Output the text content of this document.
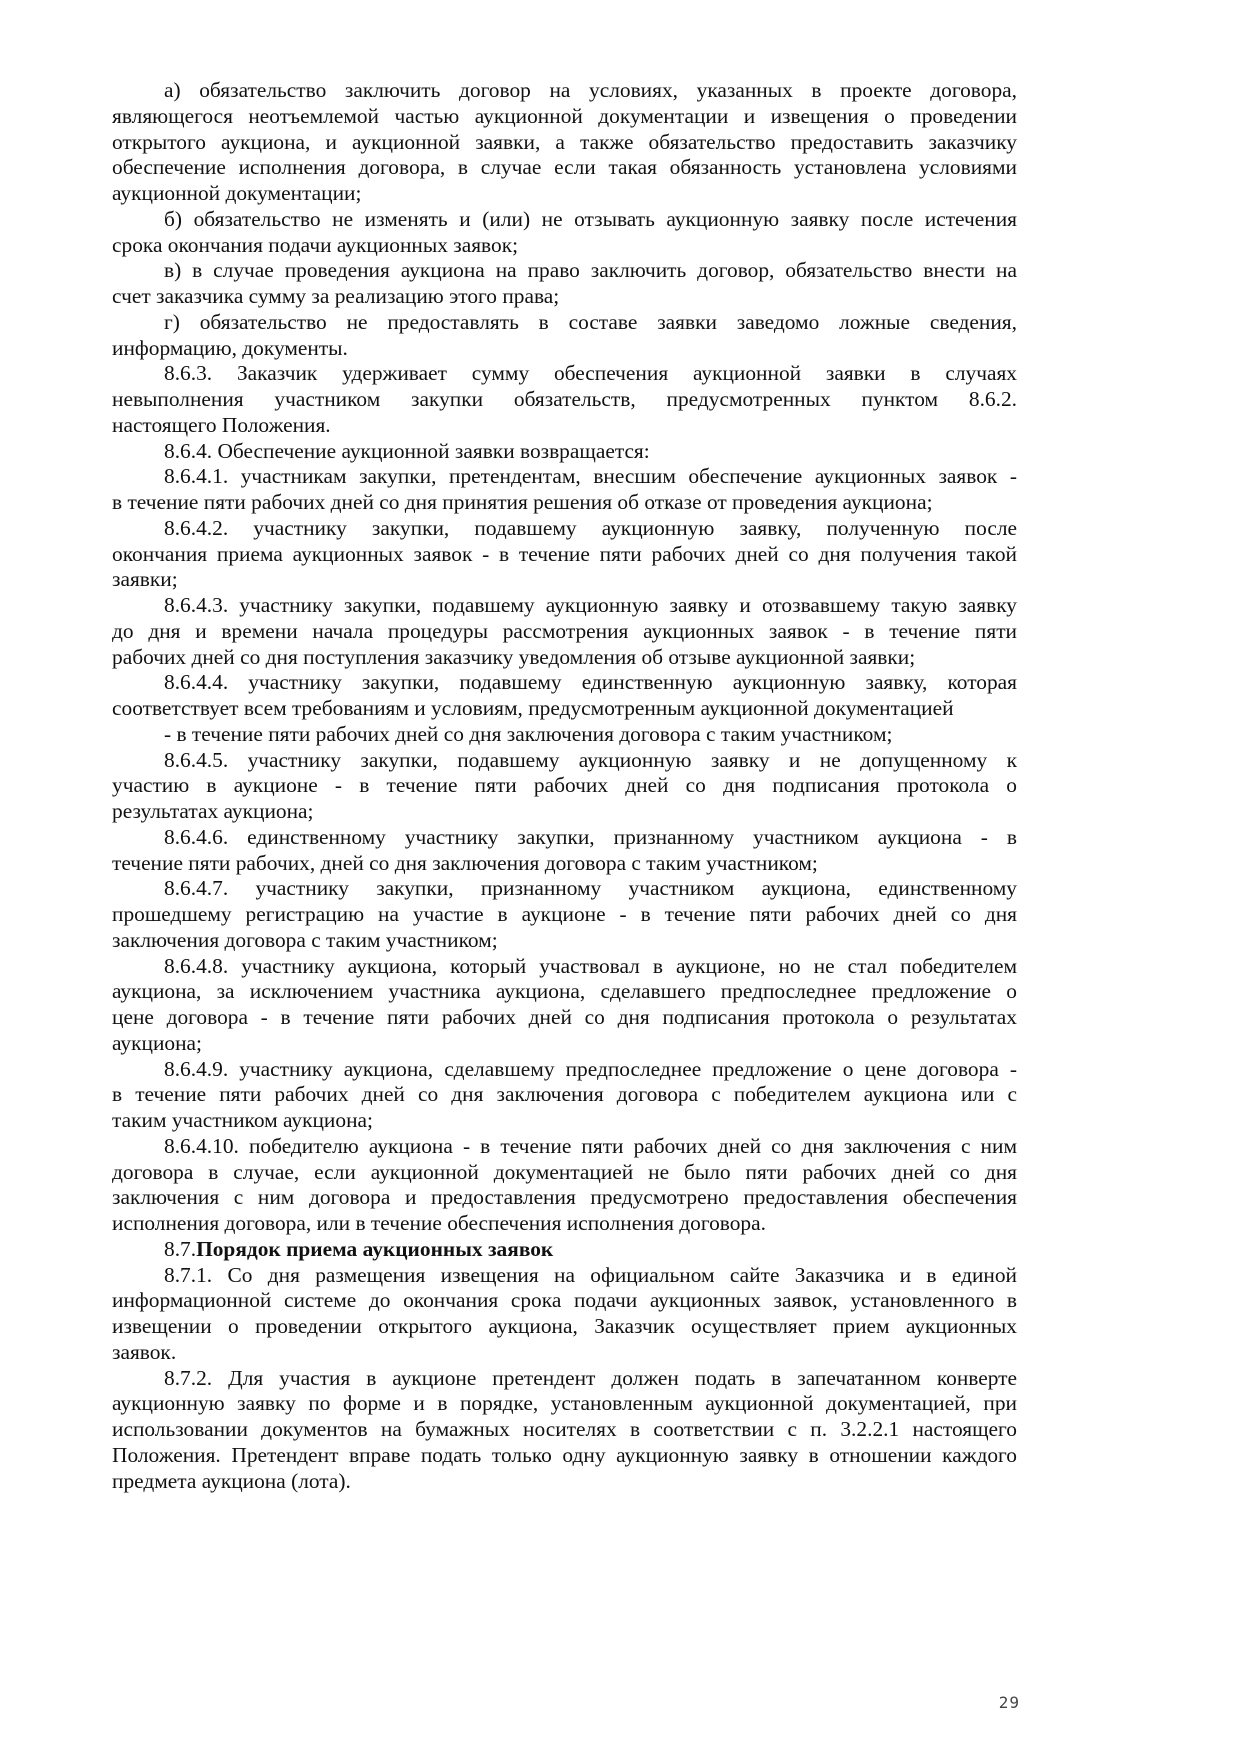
а) обязательство заключить договор на условиях, указанных в проекте договора,
являющегося неотъемлемой частью аукционной документации и извещения о проведении
открытого аукциона, и аукционной заявки, а также обязательство предоставить заказчику
обеспечение исполнения договора, в случае если такая обязанность установлена условиями
аукционной документации;
б) обязательство не изменять и (или) не отзывать аукционную заявку после истечения
срока окончания подачи аукционных заявок;
в) в случае проведения аукциона на право заключить договор, обязательство внести на
счет заказчика сумму за реализацию этого права;
г) обязательство не предоставлять в составе заявки заведомо ложные сведения,
информацию, документы.
8.6.3. Заказчик удерживает сумму обеспечения аукционной заявки в случаях
невыполнения участником закупки обязательств, предусмотренных пунктом 8.6.2.
настоящего Положения.
8.6.4. Обеспечение аукционной заявки возвращается:
8.6.4.1. участникам закупки, претендентам, внесшим обеспечение аукционных заявок -
в течение пяти рабочих дней со дня принятия решения об отказе от проведения аукциона;
8.6.4.2. участнику закупки, подавшему аукционную заявку, полученную после
окончания приема аукционных заявок - в течение пяти рабочих дней со дня получения такой
заявки;
8.6.4.3. участнику закупки, подавшему аукционную заявку и отозвавшему такую заявку
до дня и времени начала процедуры рассмотрения аукционных заявок - в течение пяти
рабочих дней со дня поступления заказчику уведомления об отзыве аукционной заявки;
8.6.4.4. участнику закупки, подавшему единственную аукционную заявку, которая
соответствует всем требованиям и условиям, предусмотренным аукционной документацией
- в течение пяти рабочих дней со дня заключения договора с таким участником;
8.6.4.5. участнику закупки, подавшему аукционную заявку и не допущенному к
участию в аукционе - в течение пяти рабочих дней со дня подписания протокола о
результатах аукциона;
8.6.4.6. единственному участнику закупки, признанному участником аукциона - в
течение пяти рабочих, дней со дня заключения договора с таким участником;
8.6.4.7. участнику закупки, признанному участником аукциона, единственному
прошедшему регистрацию на участие в аукционе - в течение пяти рабочих дней со дня
заключения договора с таким участником;
8.6.4.8. участнику аукциона, который участвовал в аукционе, но не стал победителем
аукциона, за исключением участника аукциона, сделавшего предпоследнее предложение о
цене договора - в течение пяти рабочих дней со дня подписания протокола о результатах
аукциона;
8.6.4.9. участнику аукциона, сделавшему предпоследнее предложение о цене договора -
в течение пяти рабочих дней со дня заключения договора с победителем аукциона или с
таким участником аукциона;
8.6.4.10. победителю аукциона - в течение пяти рабочих дней со дня заключения с ним
договора в случае, если аукционной документацией не было пяти рабочих дней со дня
заключения с ним договора и предоставления предусмотрено предоставления обеспечения
исполнения договора, или в течение обеспечения исполнения договора.
8.7.Порядок приема аукционных заявок
8.7.1. Со дня размещения извещения на официальном сайте Заказчика и в единой
информационной системе до окончания срока подачи аукционных заявок, установленного в
извещении о проведении открытого аукциона, Заказчик осуществляет прием аукционных
заявок.
8.7.2. Для участия в аукционе претендент должен подать в запечатанном конверте
аукционную заявку по форме и в порядке, установленным аукционной документацией, при
использовании документов на бумажных носителях в соответствии с п. 3.2.2.1 настоящего
Положения. Претендент вправе подать только одну аукционную заявку в отношении каждого
предмета аукциона (лота).
29
